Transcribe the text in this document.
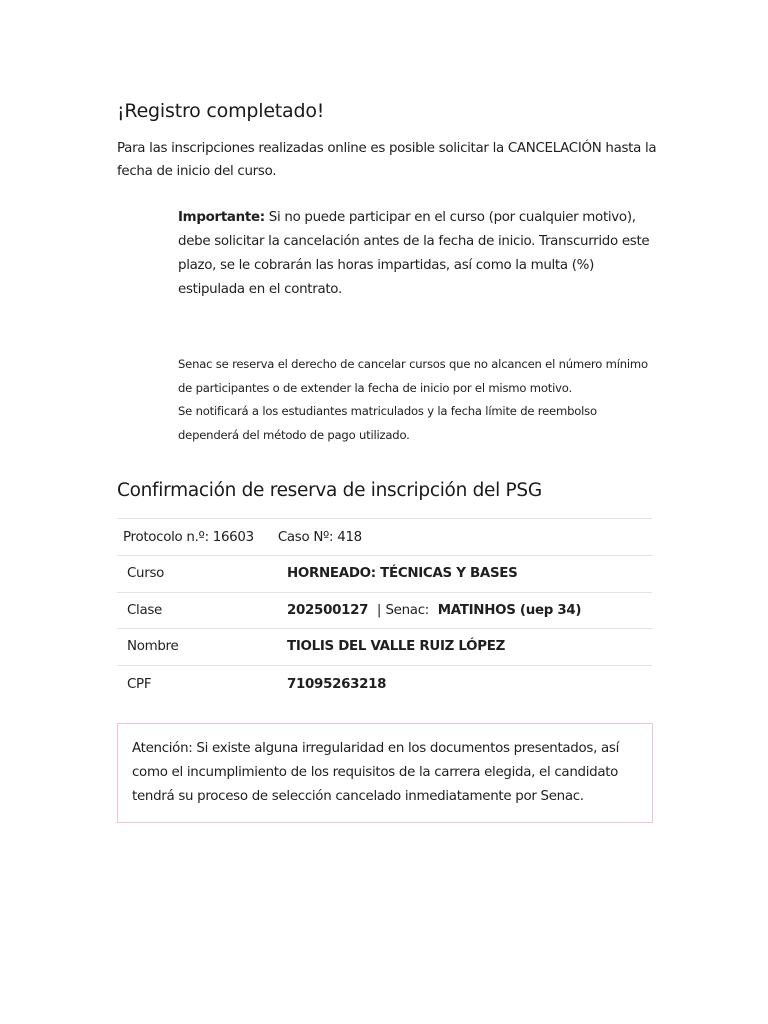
¡Registro completado!

Para las inscripciones realizadas online es posible solicitar la CANCELACIÓN hasta la fecha de inicio del curso.

Importante: Si no puede participar en el curso (por cualquier motivo), debe solicitar la cancelación antes de la fecha de inicio. Transcurrido este plazo, se le cobrarán las horas impartidas, así como la multa (%) estipulada en el contrato.

Senac se reserva el derecho de cancelar cursos que no alcancen el número mínimo de participantes o de extender la fecha de inicio por el mismo motivo.
Se notificará a los estudiantes matriculados y la fecha límite de reembolso dependerá del método de pago utilizado.

Confirmación de reserva de inscripción del PSG
Protocolo n.º: 16603 Caso Nº: 418	
Curso	HORNEADO: TÉCNICAS Y BASES
Clase	202500127 | Senac: MATINHOS (uep 34)
Nombre	TIOLIS DEL VALLE RUIZ LÓPEZ
CPF	71095263218

Atención: Si existe alguna irregularidad en los documentos presentados, así como el incumplimiento de los requisitos de la carrera elegida, el candidato tendrá su proceso de selección cancelado inmediatamente por Senac.
